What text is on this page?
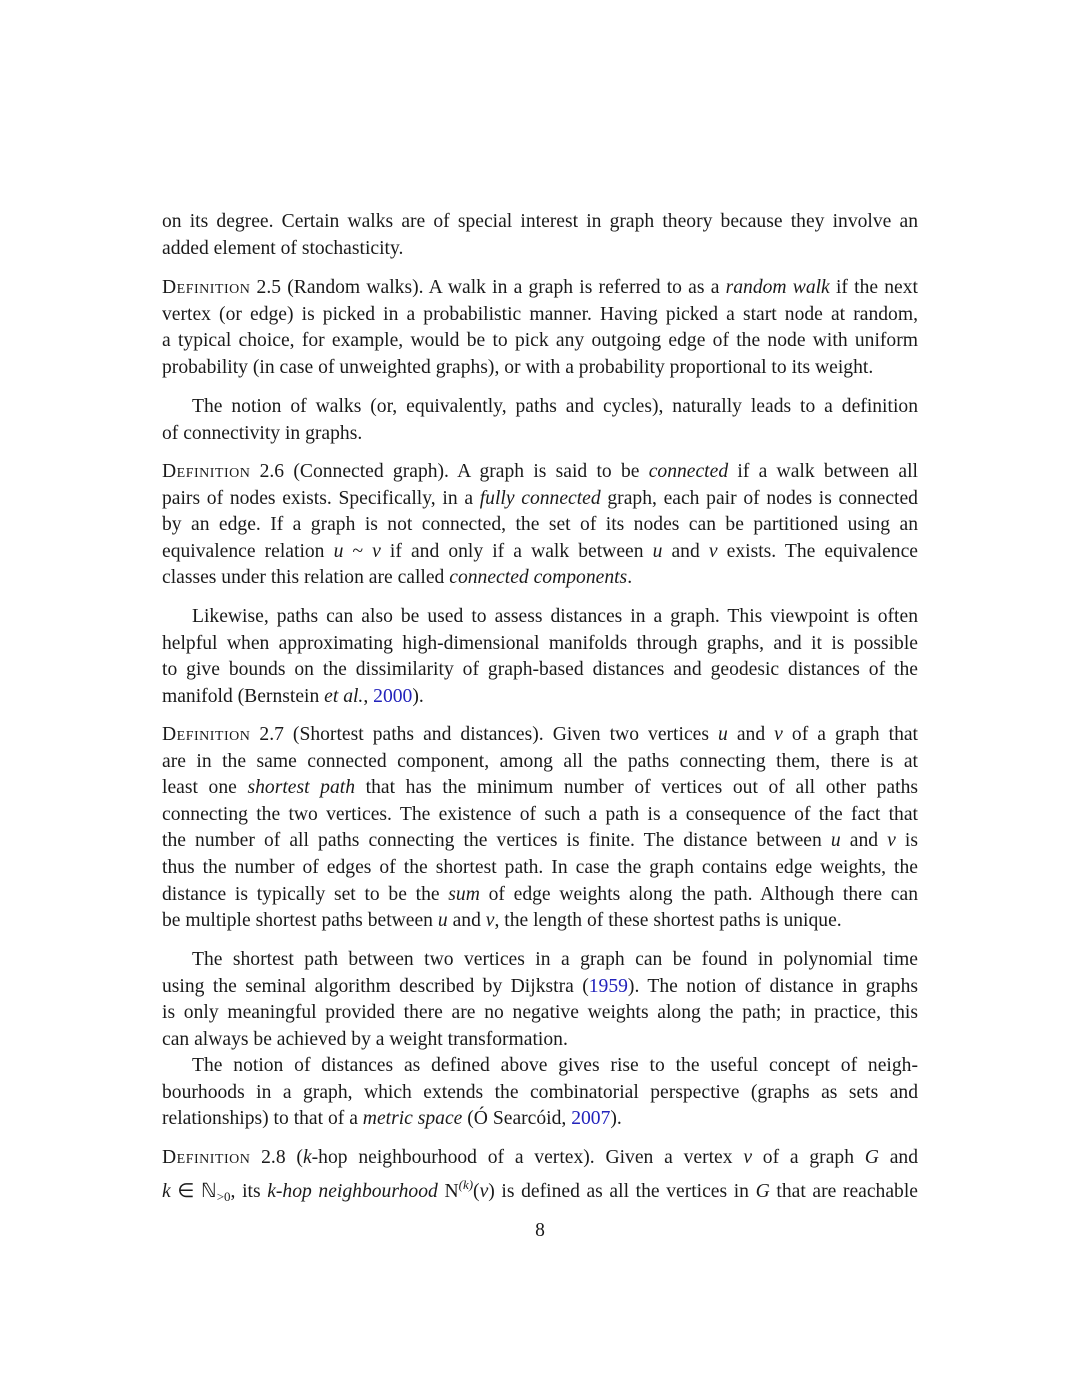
on its degree. Certain walks are of special interest in graph theory because they involve an
added element of stochasticity.
Definition 2.5 (Random walks). A walk in a graph is referred to as a random walk if the next
vertex (or edge) is picked in a probabilistic manner. Having picked a start node at random,
a typical choice, for example, would be to pick any outgoing edge of the node with uniform
probability (in case of unweighted graphs), or with a probability proportional to its weight.
The notion of walks (or, equivalently, paths and cycles), naturally leads to a definition
of connectivity in graphs.
Definition 2.6 (Connected graph). A graph is said to be connected if a walk between all
pairs of nodes exists. Specifically, in a fully connected graph, each pair of nodes is connected
by an edge. If a graph is not connected, the set of its nodes can be partitioned using an
equivalence relation u ~ v if and only if a walk between u and v exists. The equivalence
classes under this relation are called connected components.
Likewise, paths can also be used to assess distances in a graph. This viewpoint is often
helpful when approximating high-dimensional manifolds through graphs, and it is possible
to give bounds on the dissimilarity of graph-based distances and geodesic distances of the
manifold (Bernstein et al., 2000).
Definition 2.7 (Shortest paths and distances). Given two vertices u and v of a graph that
are in the same connected component, among all the paths connecting them, there is at
least one shortest path that has the minimum number of vertices out of all other paths
connecting the two vertices. The existence of such a path is a consequence of the fact that
the number of all paths connecting the vertices is finite. The distance between u and v is
thus the number of edges of the shortest path. In case the graph contains edge weights, the
distance is typically set to be the sum of edge weights along the path. Although there can
be multiple shortest paths between u and v, the length of these shortest paths is unique.
The shortest path between two vertices in a graph can be found in polynomial time
using the seminal algorithm described by Dijkstra (1959). The notion of distance in graphs
is only meaningful provided there are no negative weights along the path; in practice, this
can always be achieved by a weight transformation.
The notion of distances as defined above gives rise to the useful concept of neigh-
bourhoods in a graph, which extends the combinatorial perspective (graphs as sets and
relationships) to that of a metric space (Ó Searcóid, 2007).
Definition 2.8 (k-hop neighbourhood of a vertex). Given a vertex v of a graph G and
k ∈ ℕ$_{>0}$, its k-hop neighbourhood $N^{(k)}(v)$ is defined as all the vertices in G that are reachable
8
